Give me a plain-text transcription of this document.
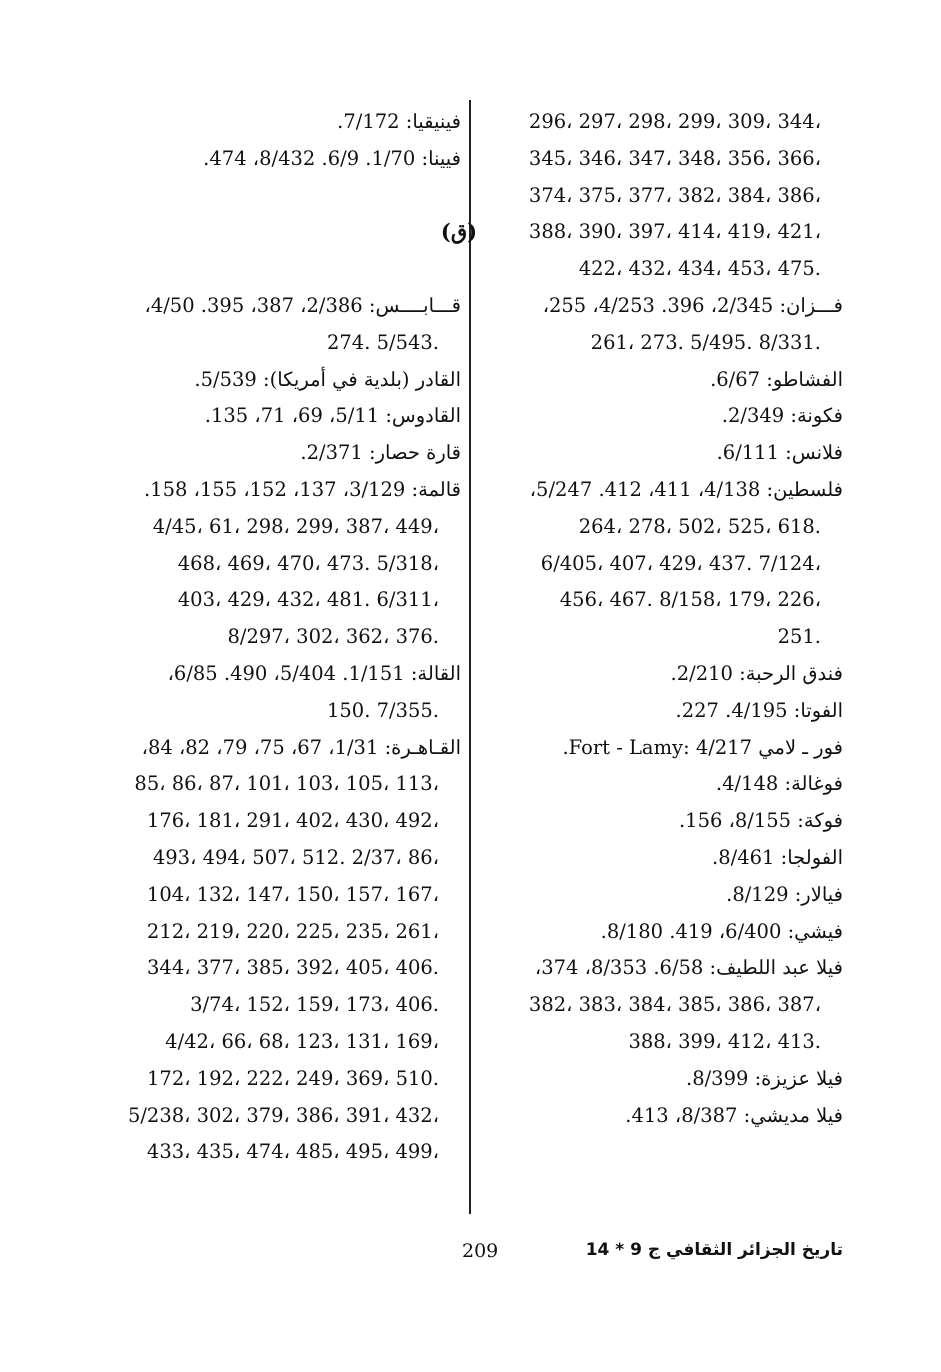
296، 297، 298، 299، 309، 344،

345، 346، 347، 348، 356، 366،

374، 375، 377، 382، 384، 386،

388، 390، 397، 414، 419، 421،

422، 432، 434، 453، 475.

فـــزان: 2/345، 396. 4/253، 255،

261، 273. 5/495. 8/331.

الفشاطو: 6/67.

فكونة: 2/349.

فلانس: 6/111.

فلسطين: 4/138، 411، 412. 5/247،

264، 278، 502، 525، 618.

6/405، 407، 429، 437. 7/124،

456، 467. 8/158، 179، 226،

251.

فندق الرحبة: 2/210.

الفوتا: 4/195. 227.

فور ـ لامي Fort - Lamy: 4/217.

فوغالة: 4/148.

فوكة: 8/155، 156.

الفولجا: 8/461.

فيالار: 8/129.

فيشي: 6/400، 419. 8/180.

فيلا عبد اللطيف: 6/58. 8/353، 374،

382، 383، 384، 385، 386، 387،

388، 399، 412، 413.

فيلا عزيزة: 8/399.

فيلا مديشي: 8/387، 413.

فينيقيا: 7/172.

فيينا: 1/70. 6/9. 8/432، 474.

(ق)

قـــابــــس: 2/386، 387، 395. 4/50،

274. 5/543.

القادر (بلدية في أمريكا): 5/539.

القادوس: 5/11، 69، 71، 135.

قارة حصار: 2/371.

قالمة: 3/129، 137، 152، 155، 158.

4/45، 61، 298، 299، 387، 449،

468، 469، 470، 473. 5/318،

403، 429، 432، 481. 6/311،

8/297، 302، 362، 376.

القالة: 1/151. 5/404، 490. 6/85،

150. 7/355.

القـاهـرة: 1/31، 67، 75، 79، 82، 84،

85، 86، 87، 101، 103، 105، 113،

176، 181، 291، 402، 430، 492،

493، 494، 507، 512. 2/37، 86،

104، 132، 147، 150، 157، 167،

212، 219، 220، 225، 235، 261،

344، 377، 385، 392، 405، 406.

3/74، 152، 159، 173، 406.

4/42، 66، 68، 123، 131، 169،

172، 192، 222، 249، 369، 510.

5/238، 302، 379، 386، 391، 432،

433، 435، 474، 485، 495، 499،

تاريخ الجزائر الثقافي ج 9 * 14
209
